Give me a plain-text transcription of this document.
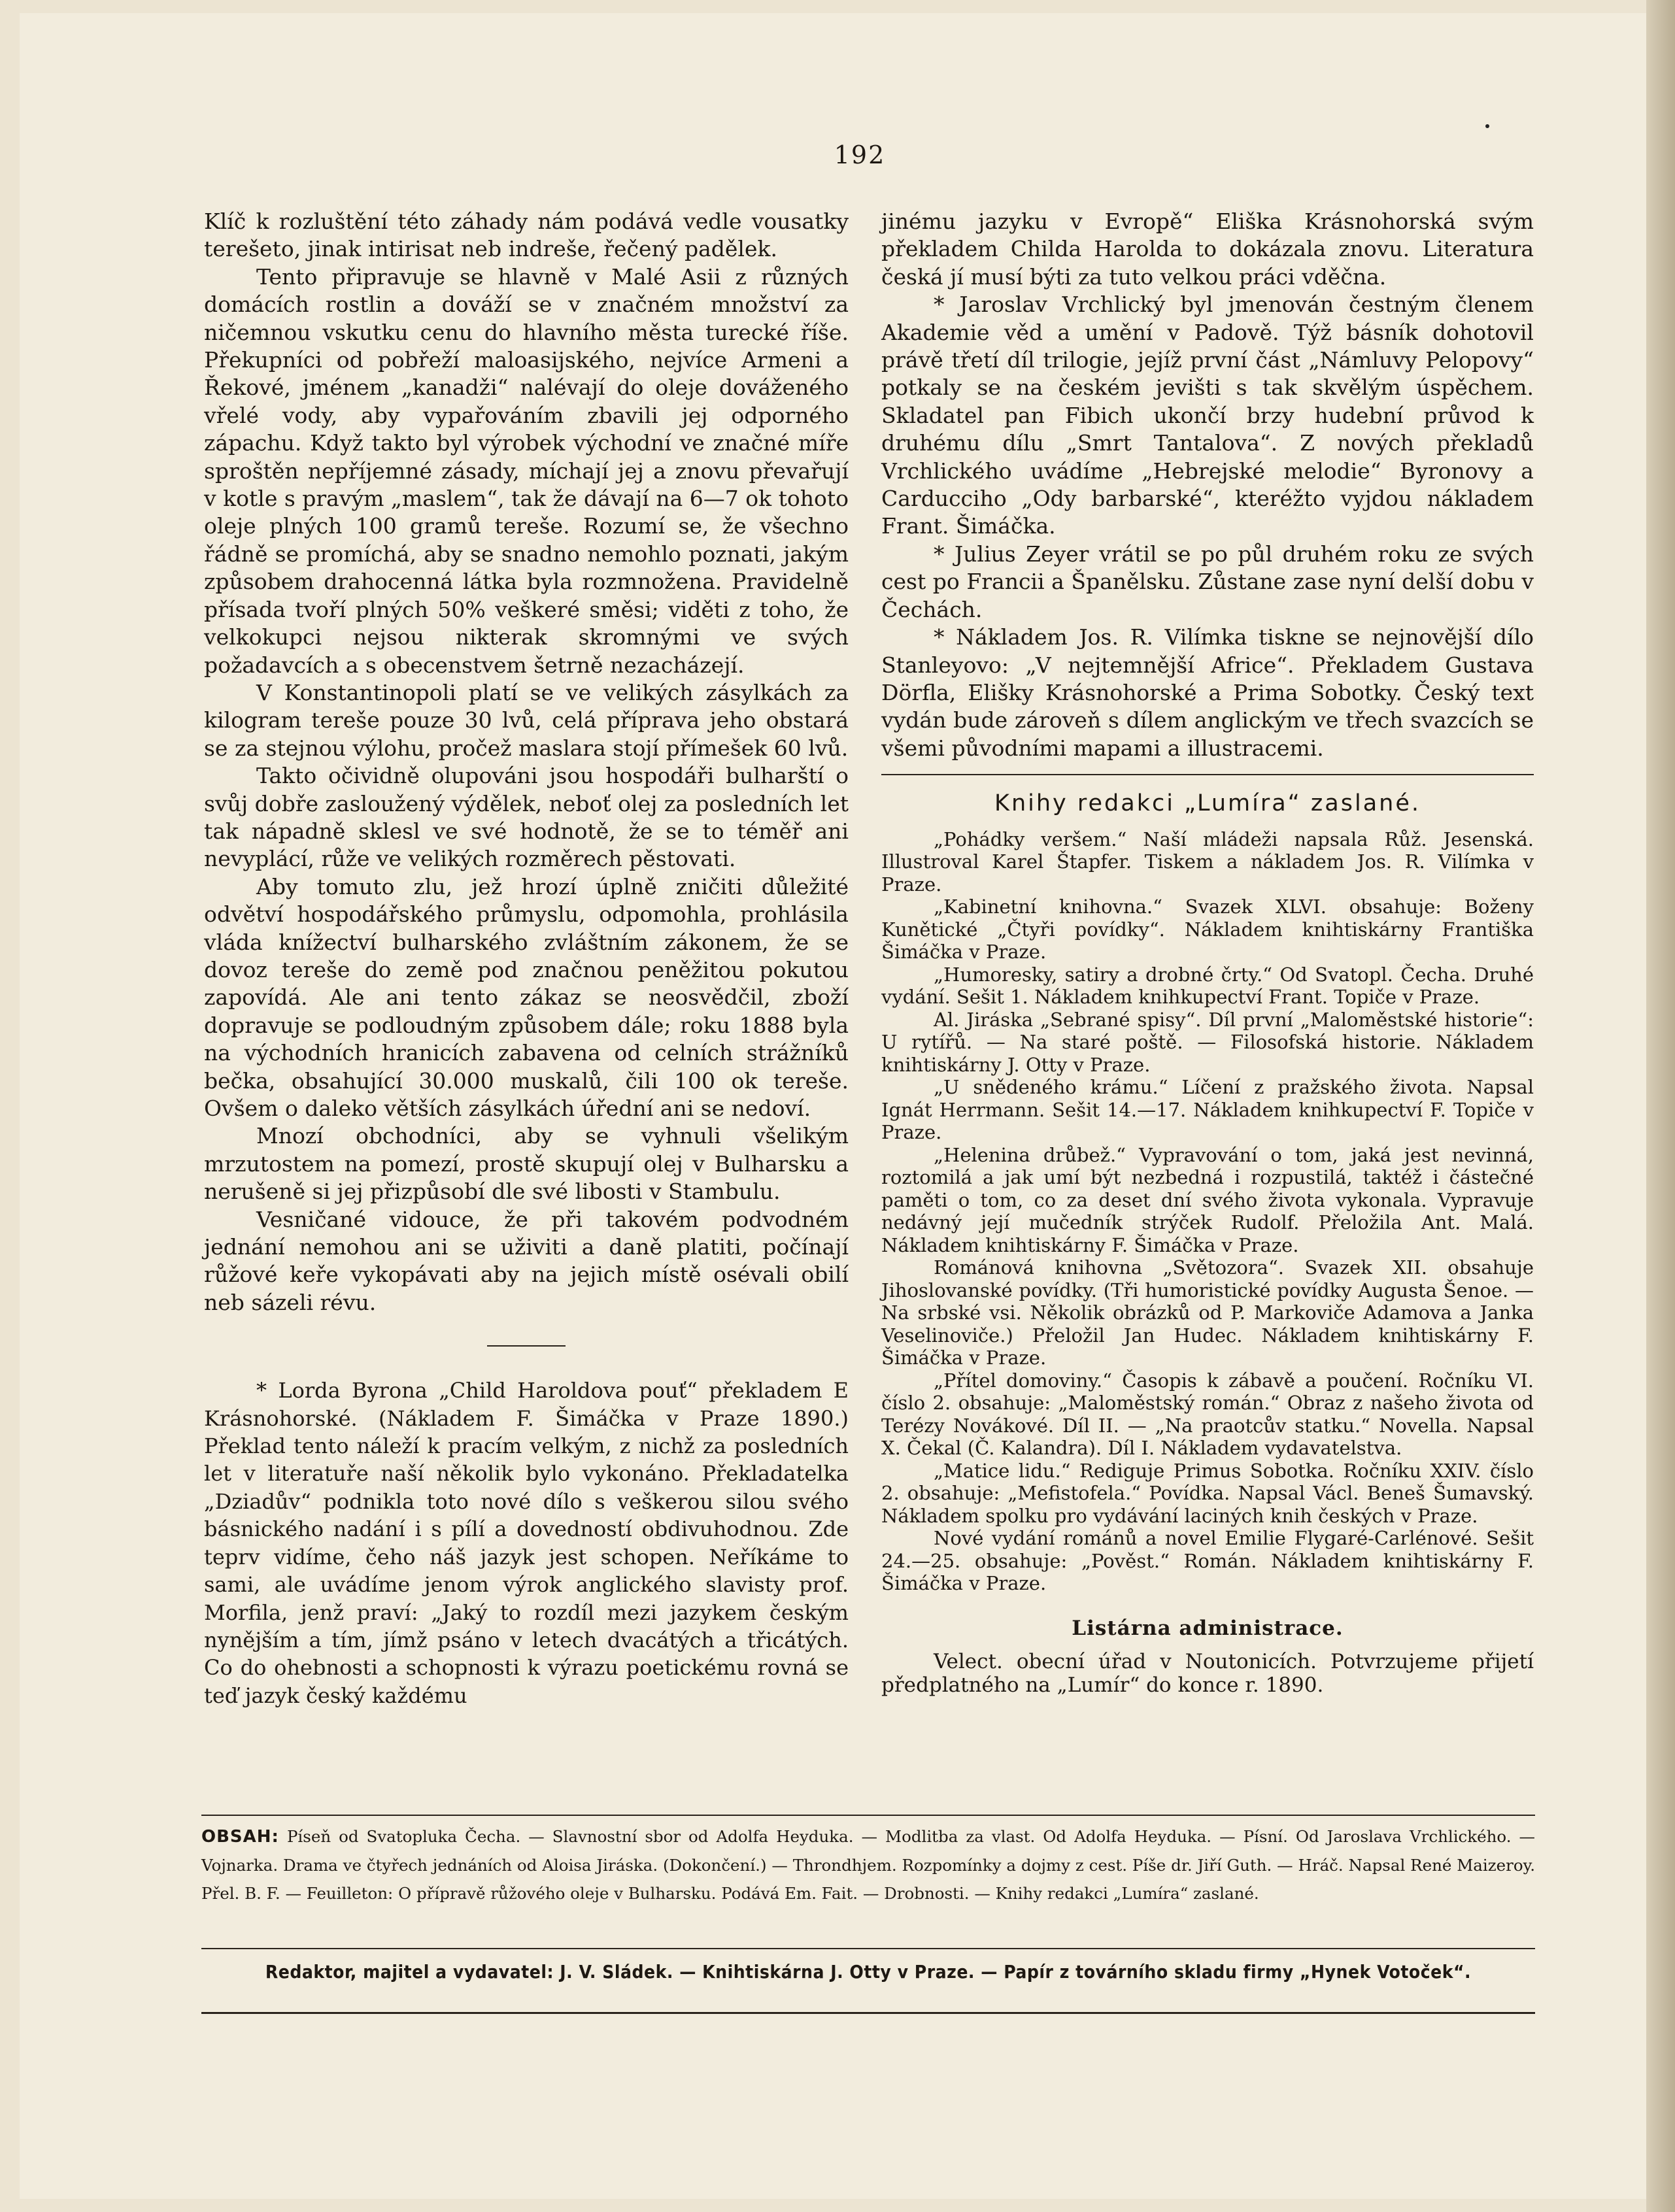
192

Klíč k rozluštění této záhady nám podává vedle vousatky terešeto, jinak intirisat neb indreše, řečený padělek.

Tento připravuje se hlavně v Malé Asii z různých domácích rostlin a dováží se v značném množství za ničemnou vskutku cenu do hlavního města turecké říše. Překupníci od pobřeží maloasijského, nejvíce Armeni a Řekové, jménem „kanadži“ nalévají do oleje dováženého vřelé vody, aby vypařováním zbavili jej odporného zápachu. Když takto byl výrobek východní ve značné míře sproštěn nepříjemné zásady, míchají jej a znovu převařují v kotle s pravým „maslem“, tak že dávají na 6—7 ok tohoto oleje plných 100 gramů tereše. Rozumí se, že všechno řádně se promíchá, aby se snadno nemohlo poznati, jakým způsobem drahocenná látka byla rozmnožena. Pravidelně přísada tvoří plných 50% veškeré směsi; viděti z toho, že velkokupci nejsou nikterak skromnými ve svých požadavcích a s obecenstvem šetrně nezacházejí.

V Konstantinopoli platí se ve velikých zásylkách za kilogram tereše pouze 30 lvů, celá příprava jeho obstará se za stejnou výlohu, pročež maslara stojí přímešek 60 lvů.

Takto očividně olupováni jsou hospodáři bulharští o svůj dobře zasloužený výdělek, neboť olej za posledních let tak nápadně sklesl ve své hodnotě, že se to téměř ani nevyplácí, růže ve velikých rozměrech pěstovati.

Aby tomuto zlu, jež hrozí úplně zničiti důležité odvětví hospodářského průmyslu, odpomohla, prohlásila vláda knížectví bulharského zvláštním zákonem, že se dovoz tereše do země pod značnou peněžitou pokutou zapovídá. Ale ani tento zákaz se neosvědčil, zboží dopravuje se podloudným způsobem dále; roku 1888 byla na východních hranicích zabavena od celních strážníků bečka, obsahující 30.000 muskalů, čili 100 ok tereše. Ovšem o daleko větších zásylkách úřední ani se nedoví.

Mnozí obchodníci, aby se vyhnuli všelikým mrzutostem na pomezí, prostě skupují olej v Bulharsku a nerušeně si jej přizpůsobí dle své libosti v Stambulu.

Vesničané vidouce, že při takovém podvodném jednání nemohou ani se uživiti a daně platiti, počínají růžové keře vykopávati aby na jejich místě osévali obilí neb sázeli révu.

* Lorda Byrona „Child Haroldova pouť“ překladem E Krásnohorské. (Nákladem F. Šimáčka v Praze 1890.) Překlad tento náleží k pracím velkým, z nichž za posledních let v literatuře naší několik bylo vykonáno. Překladatelka „Dziadův“ podnikla toto nové dílo s veškerou silou svého básnického nadání i s pílí a dovedností obdivuhodnou. Zde teprv vidíme, čeho náš jazyk jest schopen. Neříkáme to sami, ale uvádíme jenom výrok anglického slavisty prof. Morfila, jenž praví: „Jaký to rozdíl mezi jazykem českým nynějším a tím, jímž psáno v letech dvacátých a třicátých. Co do ohebnosti a schopnosti k výrazu poetickému rovná se teď jazyk český každému

jinému jazyku v Evropě“ Eliška Krásnohorská svým překladem Childa Harolda to dokázala znovu. Literatura česká jí musí býti za tuto velkou práci vděčna.

* Jaroslav Vrchlický byl jmenován čestným členem Akademie věd a umění v Padově. Týž básník dohotovil právě třetí díl trilogie, jejíž první část „Námluvy Pelopovy“ potkaly se na českém jevišti s tak skvělým úspěchem. Skladatel pan Fibich ukončí brzy hudební průvod k druhému dílu „Smrt Tantalova“. Z nových překladů Vrchlického uvádíme „Hebrejské melodie“ Byronovy a Carducciho „Ody barbarské“, kteréžto vyjdou nákladem Frant. Šimáčka.

* Julius Zeyer vrátil se po půl druhém roku ze svých cest po Francii a Španělsku. Zůstane zase nyní delší dobu v Čechách.

* Nákladem Jos. R. Vilímka tiskne se nejnovější dílo Stanleyovo: „V nejtemnější Africe“. Překladem Gustava Dörfla, Elišky Krásnohorské a Prima Sobotky. Český text vydán bude zároveň s dílem anglickým ve třech svazcích se všemi původními mapami a illustracemi.

Knihy redakci „Lumíra“ zaslané.

„Pohádky veršem.“ Naší mládeži napsala Růž. Jesenská. Illustroval Karel Štapfer. Tiskem a nákladem Jos. R. Vilímka v Praze.

„Kabinetní knihovna.“ Svazek XLVI. obsahuje: Boženy Kunětické „Čtyři povídky“. Nákladem knihtiskárny Františka Šimáčka v Praze.

„Humoresky, satiry a drobné črty.“ Od Svatopl. Čecha. Druhé vydání. Sešit 1. Nákladem knihkupectví Frant. Topiče v Praze.

Al. Jiráska „Sebrané spisy“. Díl první „Maloměstské historie“: U rytířů. — Na staré poště. — Filosofská historie. Nákladem knihtiskárny J. Otty v Praze.

„U snědeného krámu.“ Líčení z pražského života. Napsal Ignát Herrmann. Sešit 14.—17. Nákladem knihkupectví F. Topiče v Praze.

„Helenina drůbež.“ Vypravování o tom, jaká jest nevinná, roztomilá a jak umí být nezbedná i rozpustilá, taktéž i částečné paměti o tom, co za deset dní svého života vykonala. Vypravuje nedávný její mučedník strýček Rudolf. Přeložila Ant. Malá. Nákladem knihtiskárny F. Šimáčka v Praze.

Románová knihovna „Světozora“. Svazek XII. obsahuje Jihoslovanské povídky. (Tři humoristické povídky Augusta Šenoe. — Na srbské vsi. Několik obrázků od P. Markoviče Adamova a Janka Veselinoviče.) Přeložil Jan Hudec. Nákladem knihtiskárny F. Šimáčka v Praze.

„Přítel domoviny.“ Časopis k zábavě a poučení. Ročníku VI. číslo 2. obsahuje: „Maloměstský román.“ Obraz z našeho života od Terézy Novákové. Díl II. — „Na praotcův statku.“ Novella. Napsal X. Čekal (Č. Kalandra). Díl I. Nákladem vydavatelstva.

„Matice lidu.“ Rediguje Primus Sobotka. Ročníku XXIV. číslo 2. obsahuje: „Mefistofela.“ Povídka. Napsal Václ. Beneš Šumavský. Nákladem spolku pro vydávání laciných knih českých v Praze.

Nové vydání románů a novel Emilie Flygaré-Carlénové. Sešit 24.—25. obsahuje: „Pověst.“ Román. Nákladem knihtiskárny F. Šimáčka v Praze.

Listárna administrace.

Velect. obecní úřad v Noutonicích. Potvrzujeme přijetí předplatného na „Lumír“ do konce r. 1890.

OBSAH: Píseň od Svatopluka Čecha. — Slavnostní sbor od Adolfa Heyduka. — Modlitba za vlast. Od Adolfa Heyduka. — Písní. Od Jaroslava Vrchlického. — Vojnarka. Drama ve čtyřech jednáních od Aloisa Jiráska. (Dokončení.) — Throndhjem. Rozpomínky a dojmy z cest. Píše dr. Jiří Guth. — Hráč. Napsal René Maizeroy. Přel. B. F. — Feuilleton: O přípravě růžového oleje v Bulharsku. Podává Em. Fait. — Drobnosti. — Knihy redakci „Lumíra“ zaslané.
Redaktor, majitel a vydavatel: J. V. Sládek. — Knihtiskárna J. Otty v Praze. — Papír z továrního skladu firmy „Hynek Votoček“.
